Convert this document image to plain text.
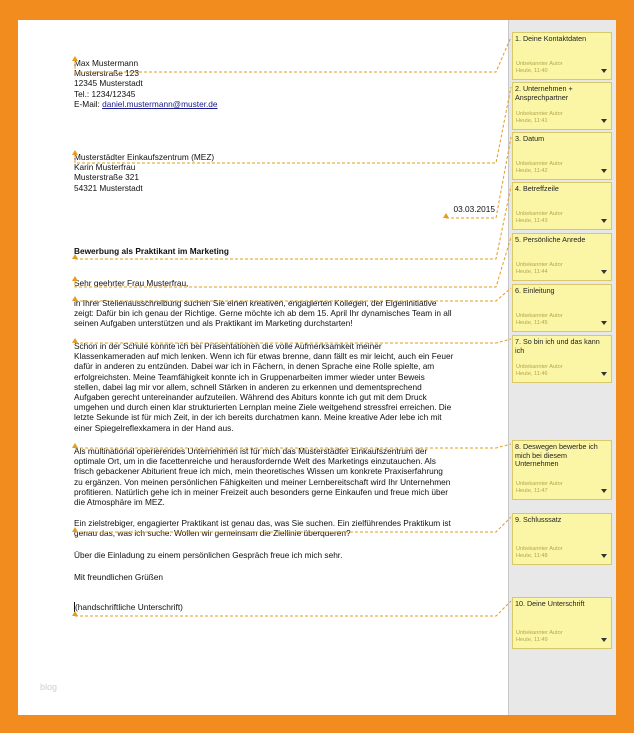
Max Mustermann
Musterstraße 123
12345 Musterstadt
Tel.: 1234/12345
E-Mail: daniel.mustermann@muster.de
Musterstädter Einkaufszentrum (MEZ)
Karin Musterfrau
Musterstraße 321
54321 Musterstadt
03.03.2015
Bewerbung als Praktikant im Marketing
Sehr geehrter Frau Musterfrau,
in Ihrer Stellenausschreibung suchen Sie einen kreativen, engagierten Kollegen, der Eigeninitiative
zeigt: Dafür bin ich genau der Richtige. Gerne möchte ich ab dem 15. April Ihr dynamisches Team in all
seinen Aufgaben unterstützen und als Praktikant im Marketing durchstarten!
Schon in der Schule konnte ich bei Präsentationen die volle Aufmerksamkeit meiner
Klassenkameraden auf mich lenken. Wenn ich für etwas brenne, dann fällt es mir leicht, auch ein Feuer
dafür in anderen zu entzünden. Dabei war ich in Fächern, in denen Sprache eine Rolle spielte, am
erfolgreichsten. Meine Teamfähigkeit konnte ich in Gruppenarbeiten immer wieder unter Beweis
stellen, dabei lag mir vor allem, schnell Stärken in anderen zu erkennen und dementsprechend
Aufgaben gerecht untereinander aufzuteilen. Während des Abiturs konnte ich gut mit dem Druck
umgehen und durch einen klar strukturierten Lernplan meine Ziele weitgehend stressfrei erreichen. Die
letzte Sekunde ist für mich Zeit, in der ich bereits durchatmen kann. Meine kreative Ader lebe ich mit
einer Spiegelreflexkamera in der Hand aus.
Als multinational operierendes Unternehmen ist für mich das Musterstädter Einkaufszentrum der
optimale Ort, um in die facettenreiche und herausfordernde Welt des Marketings einzutauchen. Als
frisch gebackener Abiturient freue ich mich, mein theoretisches Wissen um konkrete Praxiserfahrung
zu ergänzen. Von meinen persönlichen Fähigkeiten und meiner Lernbereitschaft wird Ihr Unternehmen
profitieren. Natürlich gehe ich in meiner Freizeit auch besonders gerne Einkaufen und freue mich über
die Atmosphäre im MEZ.
Ein zielstrebiger, engagierter Praktikant ist genau das, was Sie suchen. Ein zielführendes Praktikum ist
genau das, was ich suche. Wollen wir gemeinsam die Ziellinie überqueren?
Über die Einladung zu einem persönlichen Gespräch freue ich mich sehr.
Mit freundlichen Grüßen
(handschriftliche Unterschrift)
blog
1. Deine Kontaktdaten
Unbekannter Autor
Heute, 11:40
2. Unternehmen + Ansprechpartner
Unbekannter Autor
Heute, 11:41
3. Datum
Unbekannter Autor
Heute, 11:42
4. Betreffzeile
Unbekannter Autor
Heute, 11:43
5. Persönliche Anrede
Unbekannter Autor
Heute, 11:44
6. Einleitung
Unbekannter Autor
Heute, 11:45
7. So bin ich und das kann ich
Unbekannter Autor
Heute, 11:46
8. Deswegen bewerbe ich mich bei diesem Unternehmen
Unbekannter Autor
Heute, 11:47
9. Schlusssatz
Unbekannter Autor
Heute, 11:48
10. Deine Unterschrift
Unbekannter Autor
Heute, 11:49
